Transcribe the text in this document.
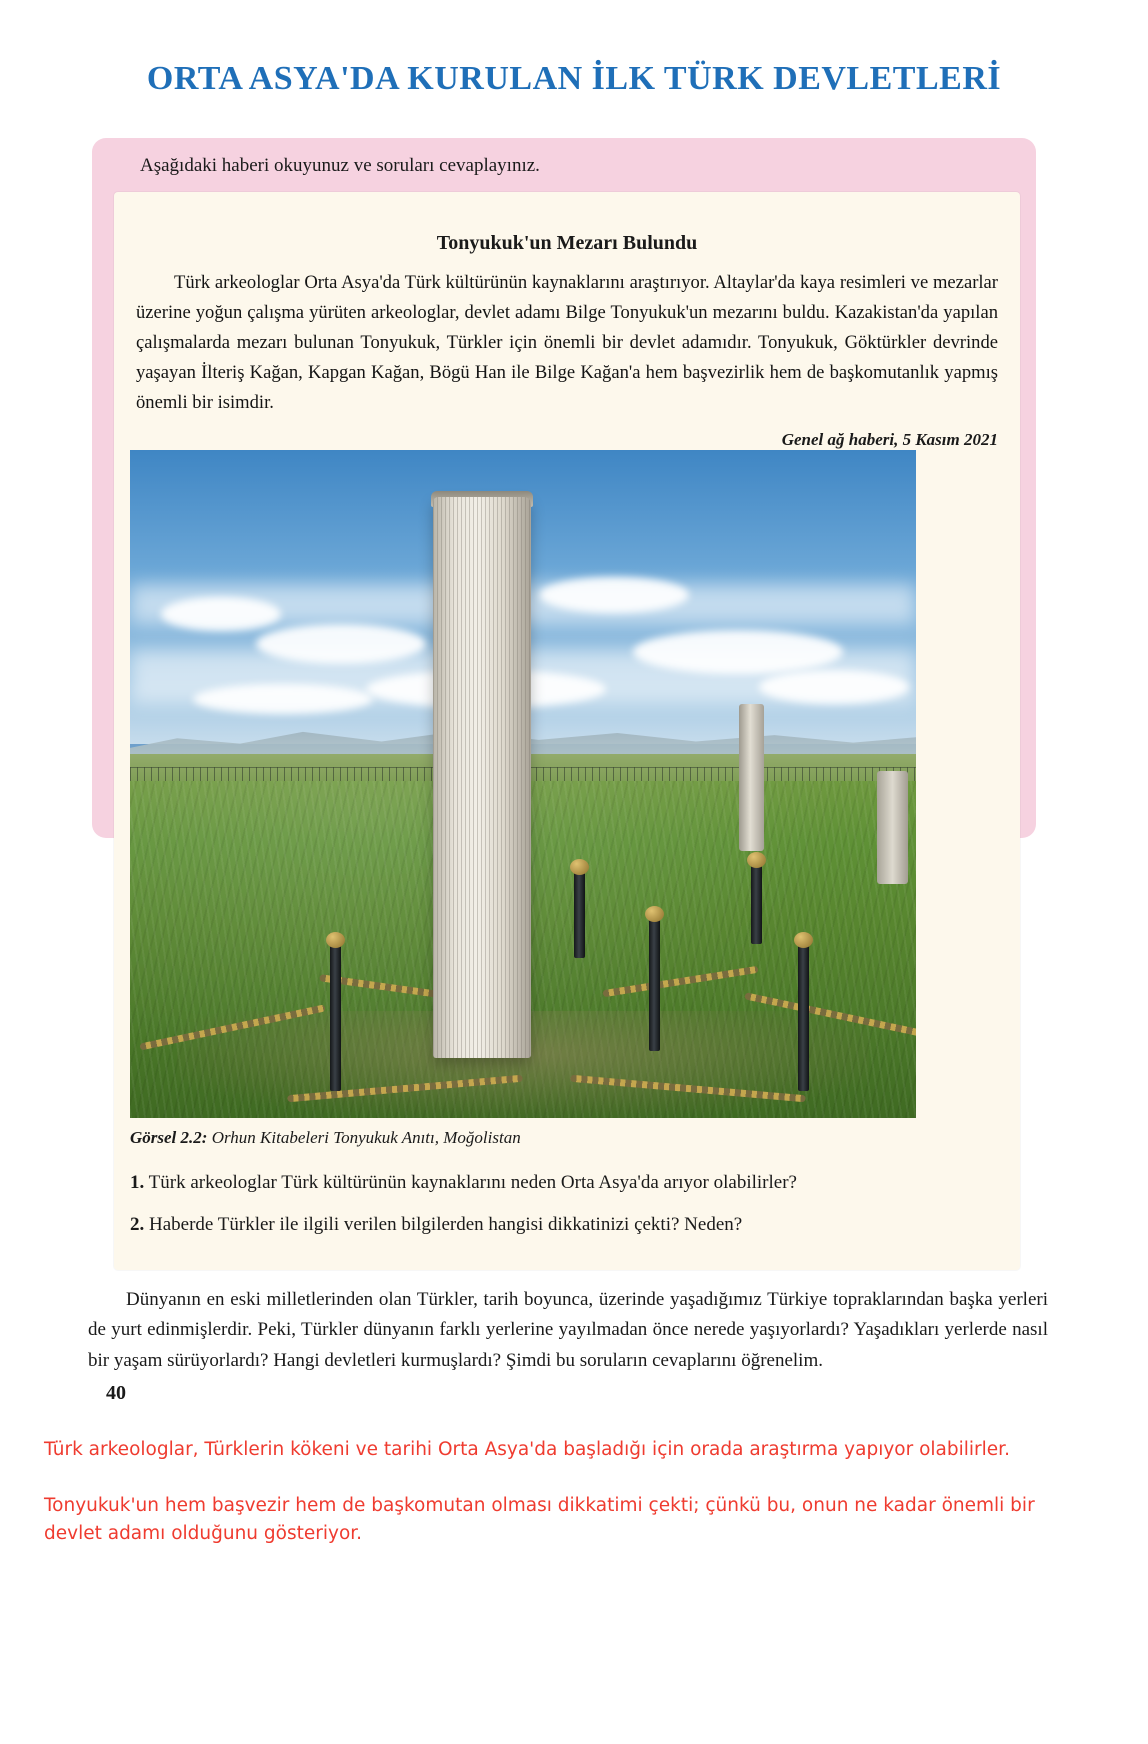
ORTA ASYA'DA KURULAN İLK TÜRK DEVLETLERİ
Aşağıdaki haberi okuyunuz ve soruları cevaplayınız.
Tonyukuk'un Mezarı Bulundu
Türk arkeologlar Orta Asya'da Türk kültürünün kaynaklarını araştırıyor. Altaylar'da kaya resimleri ve mezarlar üzerine yoğun çalışma yürüten arkeologlar, devlet adamı Bilge Tonyukuk'un mezarını buldu. Kazakistan'da yapılan çalışmalarda mezarı bulunan Tonyukuk, Türkler için önemli bir devlet adamıdır. Tonyukuk, Göktürkler devrinde yaşayan İlteriş Kağan, Kapgan Kağan, Bögü Han ile Bilge Kağan'a hem başvezirlik hem de başkomutanlık yapmış önemli bir isimdir.
Genel ağ haberi, 5 Kasım 2021
Görsel 2.2: Orhun Kitabeleri Tonyukuk Anıtı, Moğolistan
1. Türk arkeologlar Türk kültürünün kaynaklarını neden Orta Asya'da arıyor olabilirler?
2. Haberde Türkler ile ilgili verilen bilgilerden hangisi dikkatinizi çekti? Neden?
Dünyanın en eski milletlerinden olan Türkler, tarih boyunca, üzerinde yaşadığımız Türkiye topraklarından başka yerleri de yurt edinmişlerdir. Peki, Türkler dünyanın farklı yerlerine yayılmadan önce nerede yaşıyorlardı? Yaşadıkları yerlerde nasıl bir yaşam sürüyorlardı? Hangi devletleri kurmuşlardı? Şimdi bu soruların cevaplarını öğrenelim.
40
Türk arkeologlar, Türklerin kökeni ve tarihi Orta Asya'da başladığı için orada araştırma yapıyor olabilirler.
Tonyukuk'un hem başvezir hem de başkomutan olması dikkatimi çekti; çünkü bu, onun ne kadar önemli bir devlet adamı olduğunu gösteriyor.
